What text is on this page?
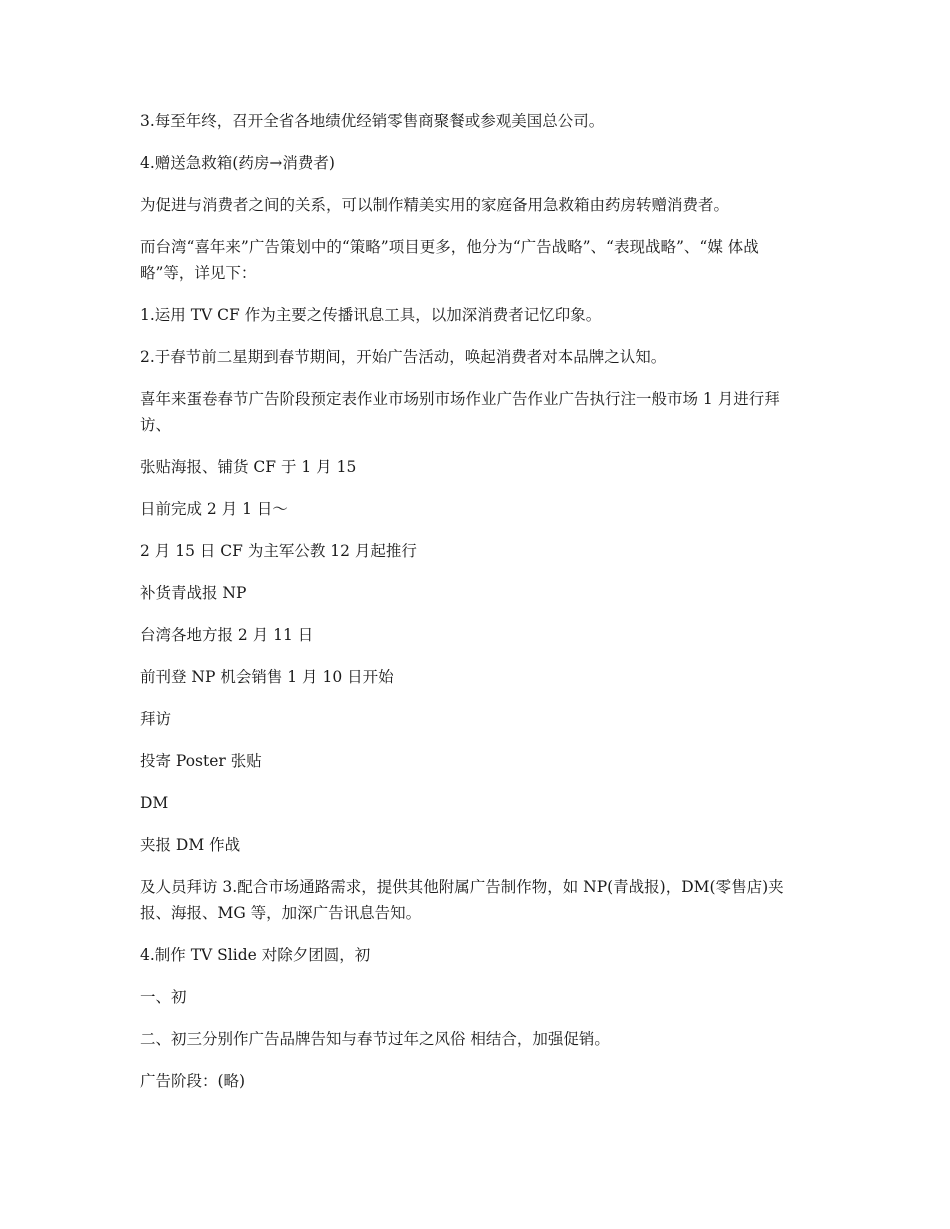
3.每至年终，召开全省各地绩优经销零售商聚餐或参观美国总公司。

4.赠送急救箱(药房→消费者)

为促进与消费者之间的关系，可以制作精美实用的家庭备用急救箱由药房转赠消费者。

而台湾“喜年来”广告策划中的“策略”项目更多，他分为“广告战略”、“表现战略”、“媒 体战略”等，详见下：

1.运用 TV CF 作为主要之传播讯息工具，以加深消费者记忆印象。

2.于春节前二星期到春节期间，开始广告活动，唤起消费者对本品牌之认知。

喜年来蛋卷春节广告阶段预定表作业市场别市场作业广告作业广告执行注一般市场 1 月进行拜访、

张贴海报、铺货 CF 于 1 月 15

日前完成 2 月 1 日～

2 月 15 日 CF 为主军公教 12 月起推行

补货青战报 NP

台湾各地方报 2 月 11 日

前刊登 NP 机会销售 1 月 10 日开始

拜访

投寄 Poster 张贴

DM

夹报 DM 作战

及人员拜访 3.配合市场通路需求，提供其他附属广告制作物，如 NP(青战报)，DM(零售店)夹报、海报、MG 等，加深广告讯息告知。

4.制作 TV Slide 对除夕团圆，初

一、初

二、初三分别作广告品牌告知与春节过年之风俗 相结合，加强促销。

广告阶段：(略)
